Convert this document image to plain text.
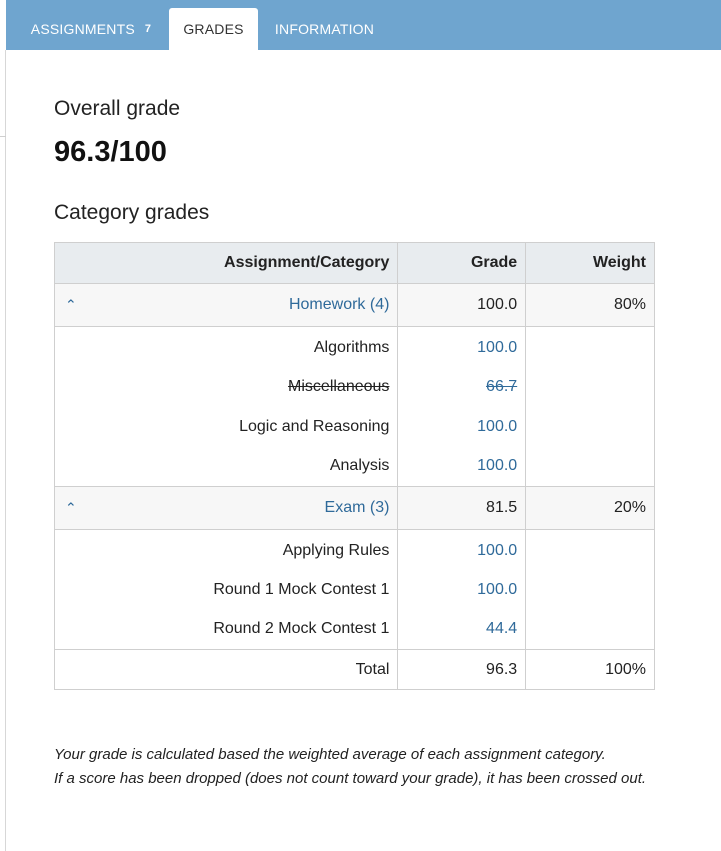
ASSIGNMENTS 7 GRADES INFORMATION
Overall grade
96.3/100
Category grades
Assignment/Category	Grade	Weight

⌃ Homework (4)	100.0	80%
Algorithms	100.0	
Miscellaneous	66.7	
Logic and Reasoning	100.0	
Analysis	100.0	

⌃ Exam (3)	81.5	20%
Applying Rules	100.0	
Round 1 Mock Contest 1	100.0	
Round 2 Mock Contest 1	44.4	
Total	96.3	100%
Your grade is calculated based the weighted average of each assignment category.
If a score has been dropped (does not count toward your grade), it has been crossed out.
